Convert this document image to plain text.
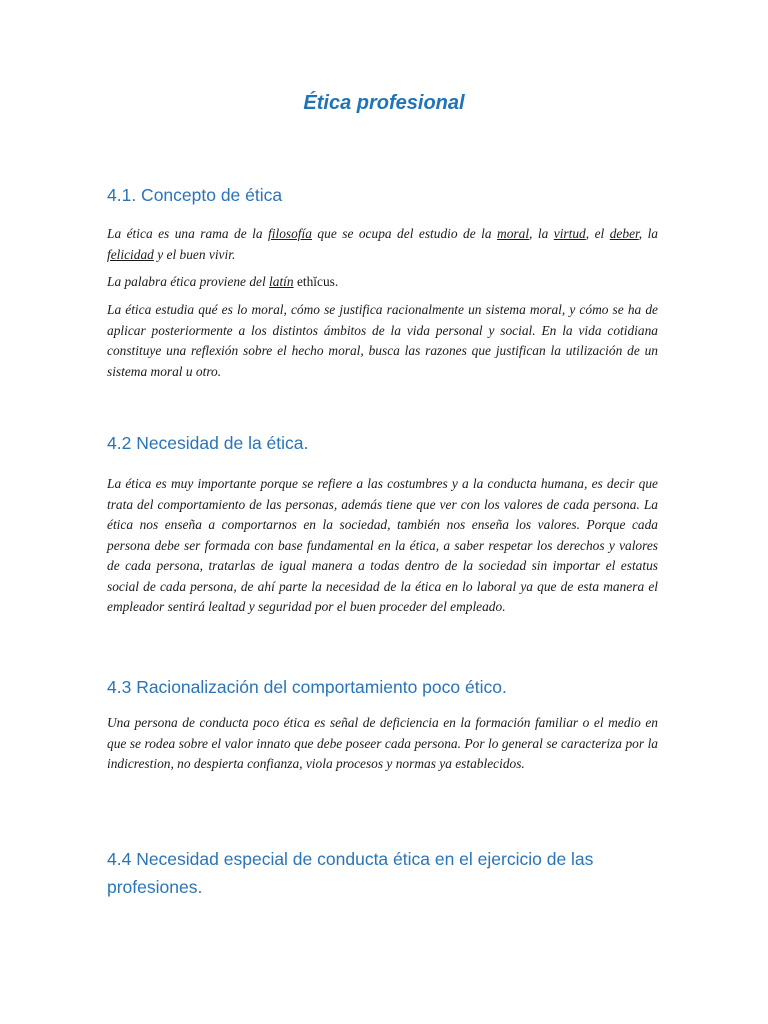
Ética profesional
4.1. Concepto de ética

La ética es una rama de la filosofía que se ocupa del estudio de la moral, la virtud, el deber, la felicidad y el buen vivir.

La palabra ética proviene del latín ethĭcus.

La ética estudia qué es lo moral, cómo se justifica racionalmente un sistema moral, y cómo se ha de aplicar posteriormente a los distintos ámbitos de la vida personal y social. En la vida cotidiana constituye una reflexión sobre el hecho moral, busca las razones que justifican la utilización de un sistema moral u otro.

4.2 Necesidad de la ética.

La ética es muy importante porque se refiere a las costumbres y a la conducta humana, es decir que trata del comportamiento de las personas, además tiene que ver con los valores de cada persona. La ética nos enseña a comportarnos en la sociedad, también nos enseña los valores. Porque cada persona debe ser formada con base fundamental en la ética, a saber respetar los derechos y valores de cada persona, tratarlas de igual manera a todas dentro de la sociedad sin importar el estatus social de cada persona, de ahí parte la necesidad de la ética en lo laboral ya que de esta manera el empleador sentirá lealtad y seguridad por el buen proceder del empleado.

4.3 Racionalización del comportamiento poco ético.

Una persona de conducta poco ética es señal de deficiencia en la formación familiar o el medio en que se rodea sobre el valor innato que debe poseer cada persona. Por lo general se caracteriza por la indicrestion, no despierta confianza, viola procesos y normas ya establecidos.

4.4 Necesidad especial de conducta ética en el ejercicio de las profesiones.
